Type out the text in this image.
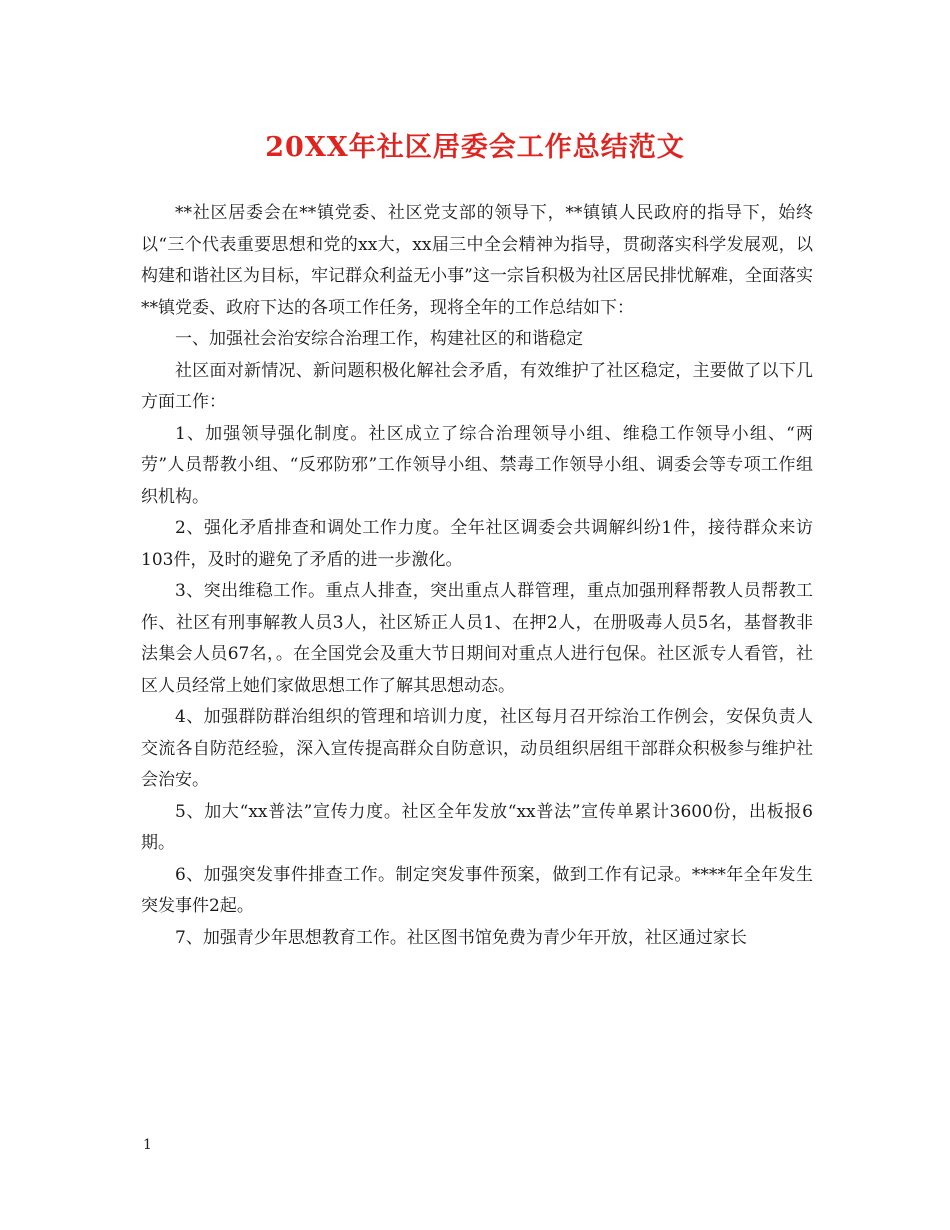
20XX年社区居委会工作总结范文

**社区居委会在**镇党委、社区党支部的领导下，**镇镇人民政府的指导下，始终以“三个代表重要思想和党的xx大，xx届三中全会精神为指导，贯砌落实科学发展观，以构建和谐社区为目标，牢记群众利益无小事”这一宗旨积极为社区居民排忧解难，全面落实**镇党委、政府下达的各项工作任务，现将全年的工作总结如下：

一、加强社会治安综合治理工作，构建社区的和谐稳定

社区面对新情况、新问题积极化解社会矛盾，有效维护了社区稳定，主要做了以下几方面工作：

1、加强领导强化制度。社区成立了综合治理领导小组、维稳工作领导小组、“两劳”人员帮教小组、“反邪防邪”工作领导小组、禁毒工作领导小组、调委会等专项工作组织机构。

2、强化矛盾排查和调处工作力度。全年社区调委会共调解纠纷1件，接待群众来访103件，及时的避免了矛盾的进一步激化。

3、突出维稳工作。重点人排查，突出重点人群管理，重点加强刑释帮教人员帮教工作、社区有刑事解教人员3人，社区矫正人员1、在押2人，在册吸毒人员5名，基督教非法集会人员67名，。在全国党会及重大节日期间对重点人进行包保。社区派专人看管，社区人员经常上她们家做思想工作了解其思想动态。

4、加强群防群治组织的管理和培训力度，社区每月召开综治工作例会，安保负责人交流各自防范经验，深入宣传提高群众自防意识，动员组织居组干部群众积极参与维护社会治安。

5、加大“xx普法”宣传力度。社区全年发放“xx普法”宣传单累计3600份，出板报6期。

6、加强突发事件排查工作。制定突发事件预案，做到工作有记录。****年全年发生突发事件2起。

7、加强青少年思想教育工作。社区图书馆免费为青少年开放，社区通过家长

1
